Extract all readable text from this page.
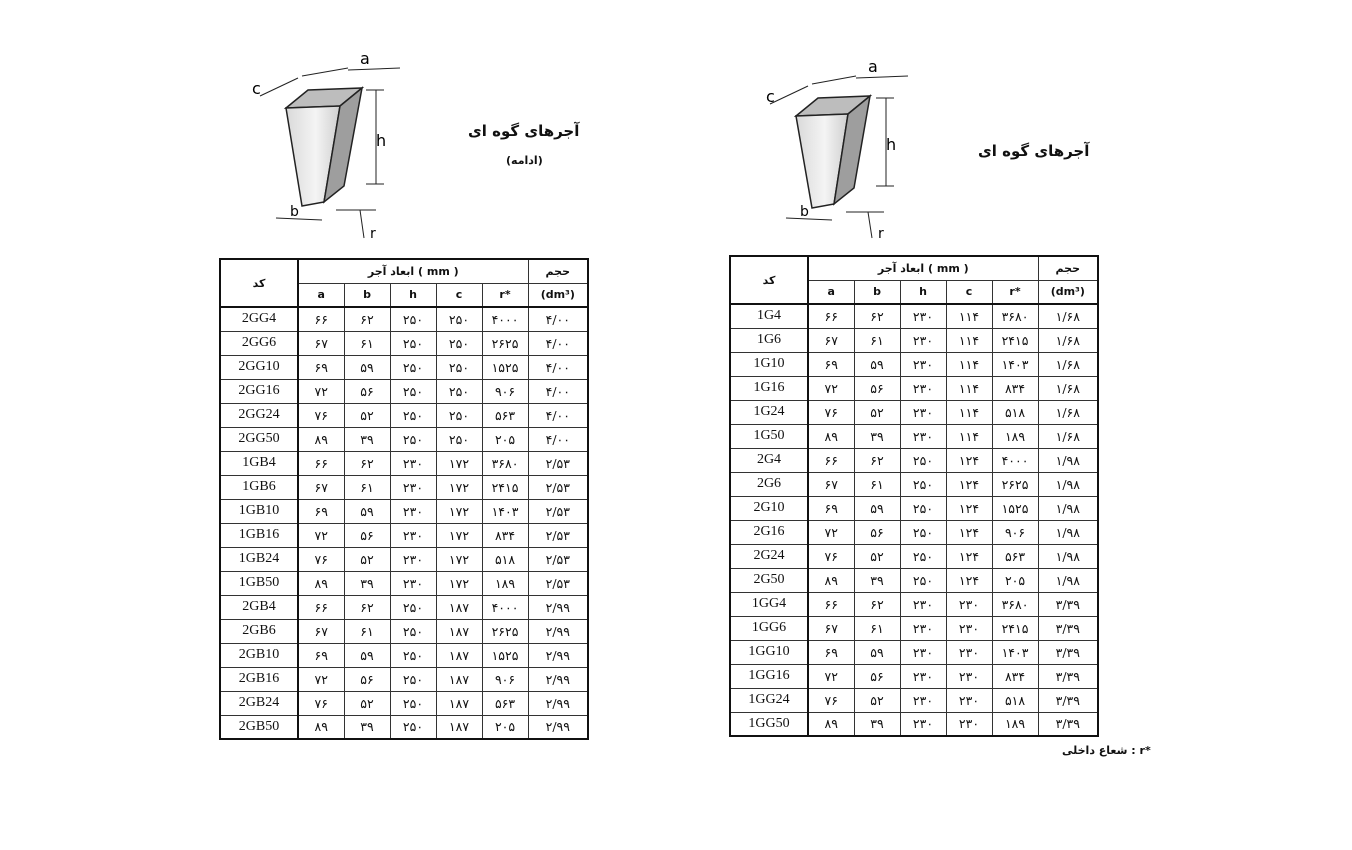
a
c
h
b
r
آجرهای گوه ای
(ادامه)
کد	ابعاد آجر ( mm )					حجم
	a	b	h	c	r*	(dm³)
2GG4	۶۶	۶۲	۲۵۰	۲۵۰	۴۰۰۰	۴/۰۰
2GG6	۶۷	۶۱	۲۵۰	۲۵۰	۲۶۲۵	۴/۰۰
2GG10	۶۹	۵۹	۲۵۰	۲۵۰	۱۵۲۵	۴/۰۰
2GG16	۷۲	۵۶	۲۵۰	۲۵۰	۹۰۶	۴/۰۰
2GG24	۷۶	۵۲	۲۵۰	۲۵۰	۵۶۳	۴/۰۰
2GG50	۸۹	۳۹	۲۵۰	۲۵۰	۲۰۵	۴/۰۰
1GB4	۶۶	۶۲	۲۳۰	۱۷۲	۳۶۸۰	۲/۵۳
1GB6	۶۷	۶۱	۲۳۰	۱۷۲	۲۴۱۵	۲/۵۳
1GB10	۶۹	۵۹	۲۳۰	۱۷۲	۱۴۰۳	۲/۵۳
1GB16	۷۲	۵۶	۲۳۰	۱۷۲	۸۳۴	۲/۵۳
1GB24	۷۶	۵۲	۲۳۰	۱۷۲	۵۱۸	۲/۵۳
1GB50	۸۹	۳۹	۲۳۰	۱۷۲	۱۸۹	۲/۵۳
2GB4	۶۶	۶۲	۲۵۰	۱۸۷	۴۰۰۰	۲/۹۹
2GB6	۶۷	۶۱	۲۵۰	۱۸۷	۲۶۲۵	۲/۹۹
2GB10	۶۹	۵۹	۲۵۰	۱۸۷	۱۵۲۵	۲/۹۹
2GB16	۷۲	۵۶	۲۵۰	۱۸۷	۹۰۶	۲/۹۹
2GB24	۷۶	۵۲	۲۵۰	۱۸۷	۵۶۳	۲/۹۹
2GB50	۸۹	۳۹	۲۵۰	۱۸۷	۲۰۵	۲/۹۹
a
c
h
b
r
آجرهای گوه ای
کد	ابعاد آجر ( mm )					حجم
	a	b	h	c	r*	(dm³)
1G4	۶۶	۶۲	۲۳۰	۱۱۴	۳۶۸۰	۱/۶۸
1G6	۶۷	۶۱	۲۳۰	۱۱۴	۲۴۱۵	۱/۶۸
1G10	۶۹	۵۹	۲۳۰	۱۱۴	۱۴۰۳	۱/۶۸
1G16	۷۲	۵۶	۲۳۰	۱۱۴	۸۳۴	۱/۶۸
1G24	۷۶	۵۲	۲۳۰	۱۱۴	۵۱۸	۱/۶۸
1G50	۸۹	۳۹	۲۳۰	۱۱۴	۱۸۹	۱/۶۸
2G4	۶۶	۶۲	۲۵۰	۱۲۴	۴۰۰۰	۱/۹۸
2G6	۶۷	۶۱	۲۵۰	۱۲۴	۲۶۲۵	۱/۹۸
2G10	۶۹	۵۹	۲۵۰	۱۲۴	۱۵۲۵	۱/۹۸
2G16	۷۲	۵۶	۲۵۰	۱۲۴	۹۰۶	۱/۹۸
2G24	۷۶	۵۲	۲۵۰	۱۲۴	۵۶۳	۱/۹۸
2G50	۸۹	۳۹	۲۵۰	۱۲۴	۲۰۵	۱/۹۸
1GG4	۶۶	۶۲	۲۳۰	۲۳۰	۳۶۸۰	۳/۳۹
1GG6	۶۷	۶۱	۲۳۰	۲۳۰	۲۴۱۵	۳/۳۹
1GG10	۶۹	۵۹	۲۳۰	۲۳۰	۱۴۰۳	۳/۳۹
1GG16	۷۲	۵۶	۲۳۰	۲۳۰	۸۳۴	۳/۳۹
1GG24	۷۶	۵۲	۲۳۰	۲۳۰	۵۱۸	۳/۳۹
1GG50	۸۹	۳۹	۲۳۰	۲۳۰	۱۸۹	۳/۳۹
*r : شعاع داخلی
